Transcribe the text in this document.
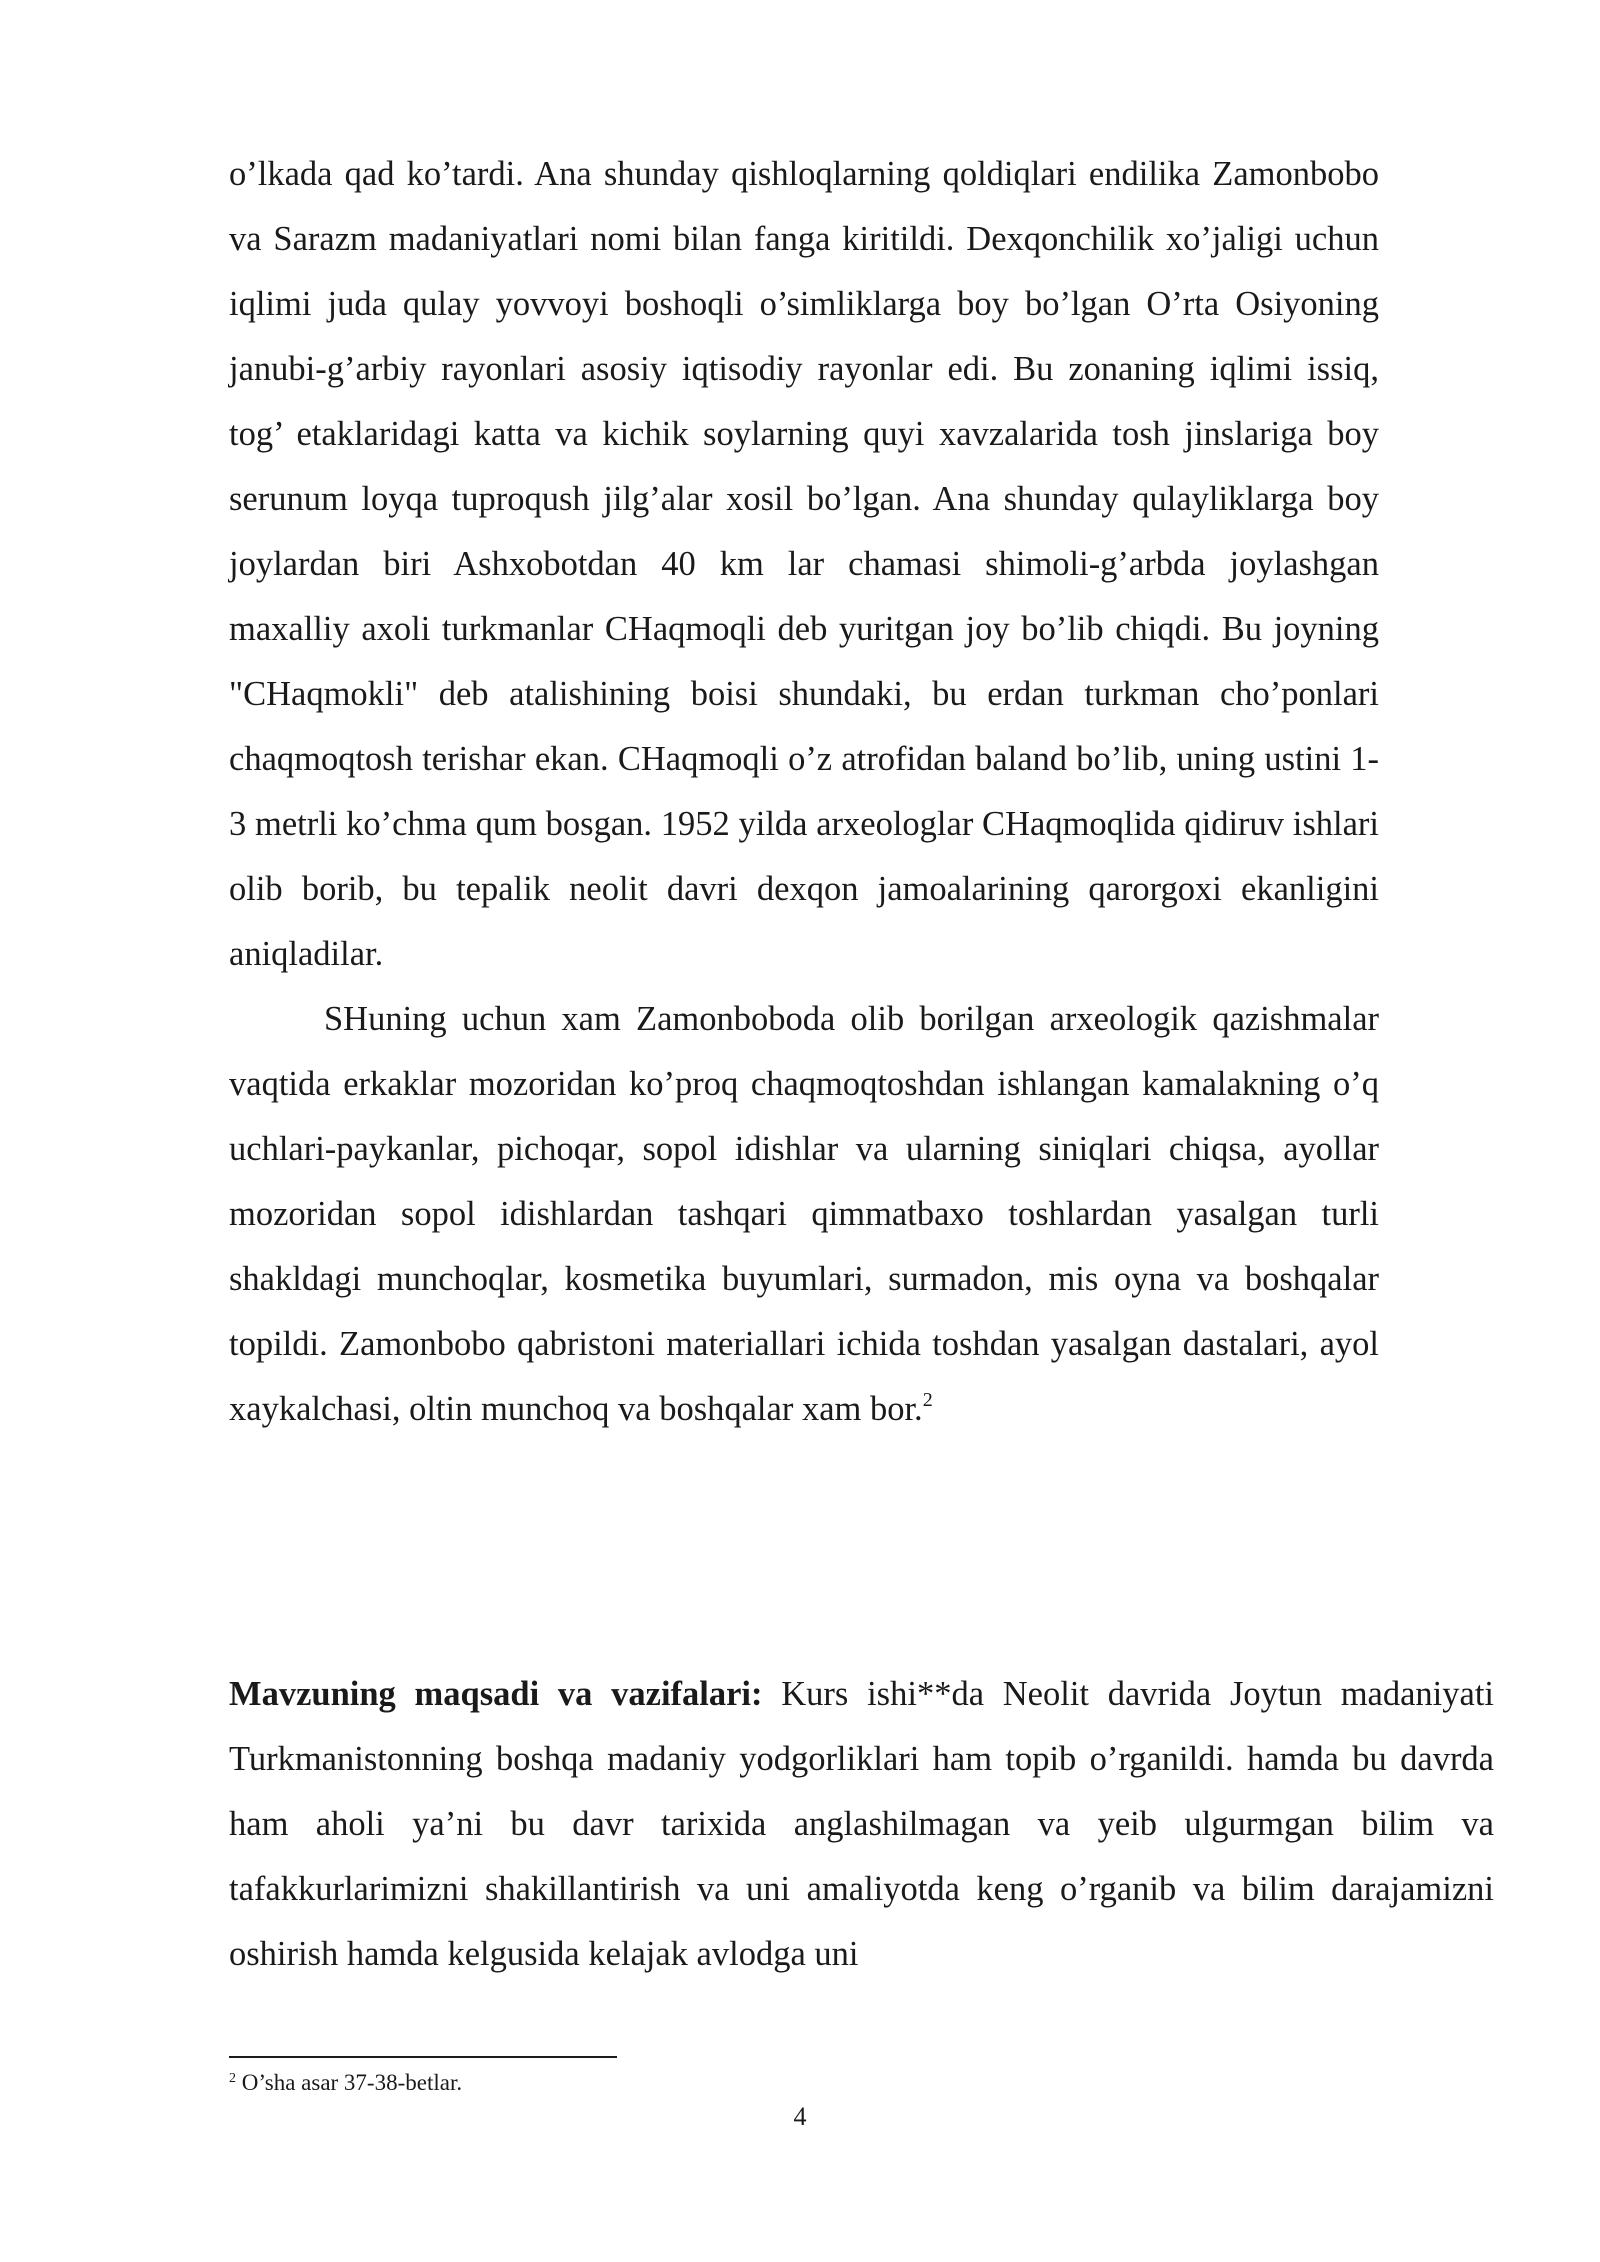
o’lkada qad ko’tardi. Ana shunday qishloqlarning qoldiqlari endilika Zamonbobo va Sarazm madaniyatlari nomi bilan fanga kiritildi. Dexqonchilik xo’jaligi uchun iqlimi juda qulay yovvoyi boshoqli o’simliklarga boy bo’lgan O’rta Osiyoning janubi-g’arbiy rayonlari asosiy iqtisodiy rayonlar edi. Bu zonaning iqlimi issiq, tog’ etaklaridagi katta va kichik soylarning quyi xavzalarida tosh jinslariga boy serunum loyqa tuproqush jilg’alar xosil bo’lgan. Ana shunday qulayliklarga boy joylardan biri Ashxobotdan 40 km lar chamasi shimoli-g’arbda joylashgan maxalliy axoli turkmanlar CHaqmoqli deb yuritgan joy bo’lib chiqdi. Bu joyning "CHaqmokli" deb atalishining boisi shundaki, bu erdan turkman cho’ponlari chaqmoqtosh terishar ekan. CHaqmoqli o’z atrofidan baland bo’lib, uning ustini 1-3 metrli ko’chma qum bosgan. 1952 yilda arxeologlar CHaqmoqlida qidiruv ishlari olib borib, bu tepalik neolit davri dexqon jamoalarining qarorgoxi ekanligini aniqladilar.

SHuning uchun xam Zamonboboda olib borilgan arxeologik qazishmalar vaqtida erkaklar mozoridan ko’proq chaqmoqtoshdan ishlangan kamalakning o’q uchlari-paykanlar, pichoqar, sopol idishlar va ularning siniqlari chiqsa, ayollar mozoridan sopol idishlardan tashqari qimmatbaxo toshlardan yasalgan turli shakldagi munchoqlar, kosmetika buyumlari, surmadon, mis oyna va boshqalar topildi. Zamonbobo qabristoni materiallari ichida toshdan yasalgan dastalari, ayol xaykalchasi, oltin munchoq va boshqalar xam bor.$^2$

Mavzuning maqsadi va vazifalari: Kurs ishi**da Neolit davrida Joytun madaniyati Turkmanistonning boshqa madaniy yodgorliklari ham topib o’rganildi. hamda bu davrda ham aholi ya’ni bu davr tarixida anglashilmagan va yeib ulgurmgan bilim va tafakkurlarimizni shakillantirish va uni amaliyotda keng o’rganib va bilim darajamizni oshirish hamda kelgusida kelajak avlodga uni

$^2$ O’sha asar 37-38-betlar.
4
